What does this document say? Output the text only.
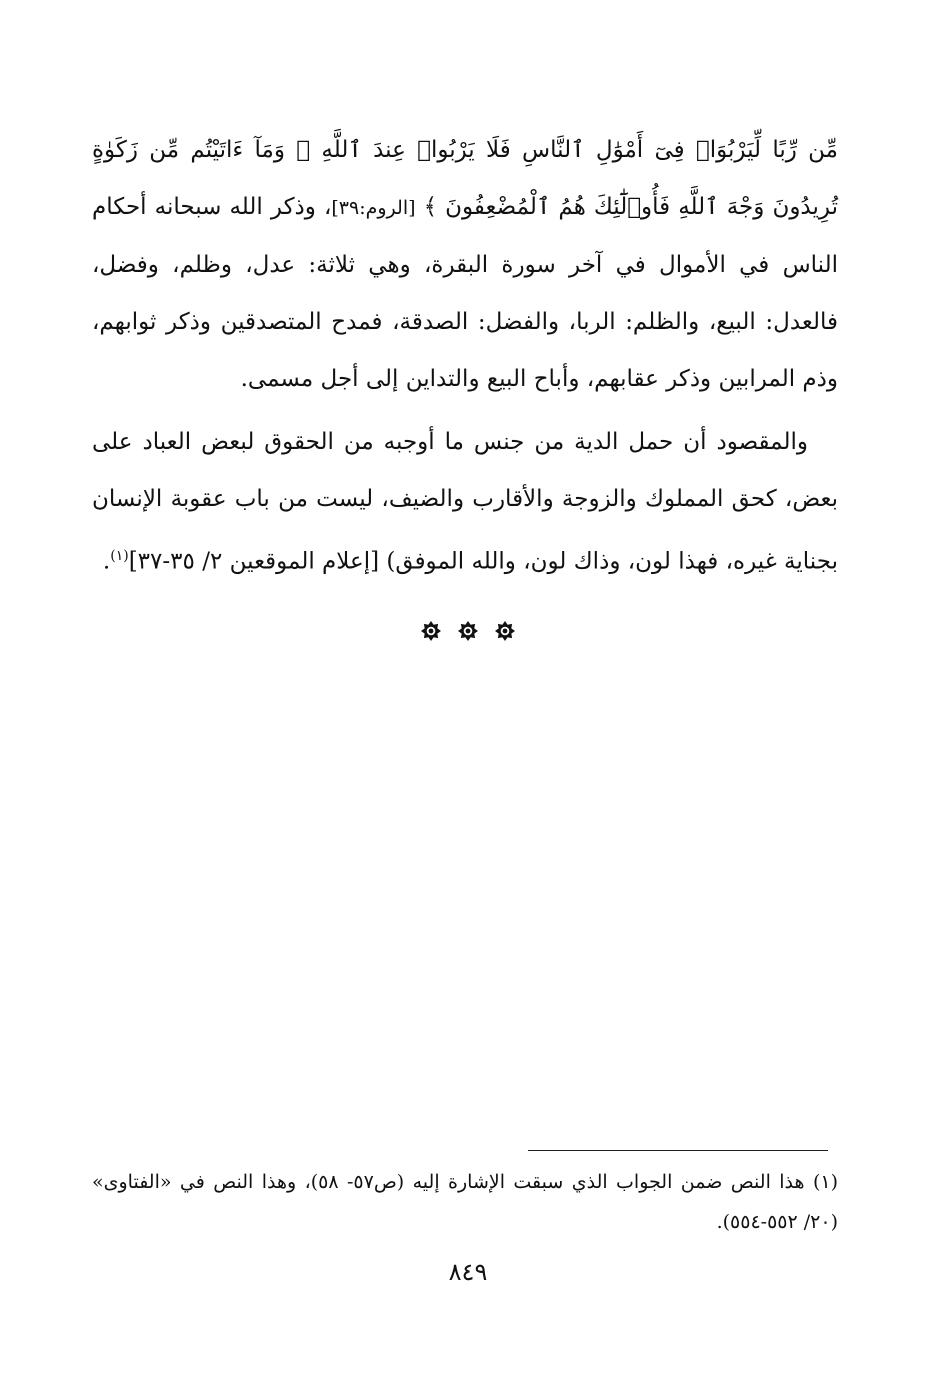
مِّن رِّبًا لِّيَرْبُوَا۟ فِىٓ أَمْوَٰلِ ٱلنَّاسِ فَلَا يَرْبُوا۟ عِندَ ٱللَّهِ ۖ وَمَآ ءَاتَيْتُم مِّن زَكَوٰةٍ تُرِيدُونَ وَجْهَ ٱللَّهِ فَأُو۟لَٰٓئِكَ هُمُ ٱلْمُضْعِفُونَ ﴾ [الروم:٣٩]، وذكر الله سبحانه أحكام الناس في الأموال في آخر سورة البقرة، وهي ثلاثة: عدل، وظلم، وفضل، فالعدل: البيع، والظلم: الربا، والفضل: الصدقة، فمدح المتصدقين وذكر ثوابهم، وذم المرابين وذكر عقابهم، وأباح البيع والتداين إلى أجل مسمى.

والمقصود أن حمل الدية من جنس ما أوجبه من الحقوق لبعض العباد على بعض، كحق المملوك والزوجة والأقارب والضيف، ليست من باب عقوبة الإنسان بجناية غيره، فهذا لون، وذاك لون، والله الموفق) [إعلام الموقعين ٢/ ٣٥-٣٧]$^{(١)}$.

(١) هذا النص ضمن الجواب الذي سبقت الإشارة إليه (ص٥٧- ٥٨)، وهذا النص في «الفتاوى» (٢٠/ ٥٥٢-٥٥٤).

٨٤٩
